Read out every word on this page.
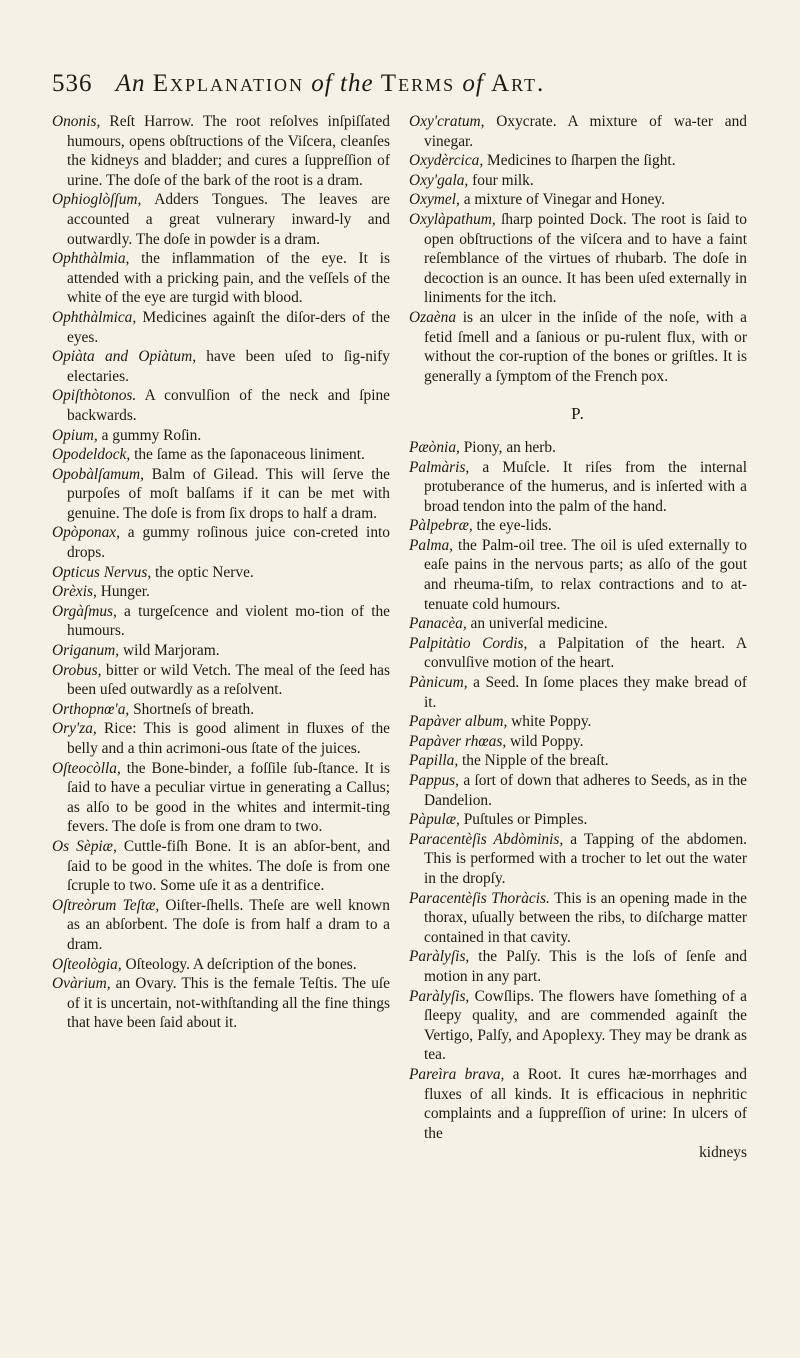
536 An Explanation of the Terms of Art.

Ononis, Reſt Harrow. The root reſolves inſpiſſated humours, opens obſtructions of the Viſcera, cleanſes the kidneys and bladder; and cures a ſuppreſſion of urine. The doſe of the bark of the root is a dram.

Ophioglòſſum, Adders Tongues. The leaves are accounted a great vulnerary inward-ly and outwardly. The doſe in powder is a dram.

Ophthàlmia, the inflammation of the eye. It is attended with a pricking pain, and the veſſels of the white of the eye are turgid with blood.

Ophthàlmica, Medicines againſt the diſor-ders of the eyes.

Opiàta and Opiàtum, have been uſed to ſig-nify electaries.

Opiſthòtonos. A convulſion of the neck and ſpine backwards.

Opium, a gummy Roſin.

Opodeldock, the ſame as the ſaponaceous liniment.

Opobàlſamum, Balm of Gilead. This will ſerve the purpoſes of moſt balſams if it can be met with genuine. The doſe is from ſix drops to half a dram.

Opòponax, a gummy roſinous juice con-creted into drops.

Opticus Nervus, the optic Nerve.

Orèxis, Hunger.

Orgàſmus, a turgeſcence and violent mo-tion of the humours.

Origanum, wild Marjoram.

Orobus, bitter or wild Vetch. The meal of the ſeed has been uſed outwardly as a reſolvent.

Orthopnœ'a, Shortneſs of breath.

Ory'za, Rice: This is good aliment in fluxes of the belly and a thin acrimoni-ous ſtate of the juices.

Oſteocòlla, the Bone-binder, a foſſile ſub-ſtance. It is ſaid to have a peculiar virtue in generating a Callus; as alſo to be good in the whites and intermit-ting fevers. The doſe is from one dram to two.

Os Sèpiæ, Cuttle-fiſh Bone. It is an abſor-bent, and ſaid to be good in the whites. The doſe is from one ſcruple to two. Some uſe it as a dentrifice.

Oſtreòrum Teſtæ, Oiſter-ſhells. Theſe are well known as an abſorbent. The doſe is from half a dram to a dram.

Oſteològia, Oſteology. A deſcription of the bones.

Ovàrium, an Ovary. This is the female Teſtis. The uſe of it is uncertain, not-withſtanding all the fine things that have been ſaid about it.

Oxy'cratum, Oxycrate. A mixture of wa-ter and vinegar.

Oxydèrcica, Medicines to ſharpen the ſight.

Oxy'gala, four milk.

Oxymel, a mixture of Vinegar and Honey.

Oxylàpathum, ſharp pointed Dock. The root is ſaid to open obſtructions of the viſcera and to have a faint reſemblance of the virtues of rhubarb. The doſe in decoction is an ounce. It has been uſed externally in liniments for the itch.

Ozaèna is an ulcer in the inſide of the noſe, with a fetid ſmell and a ſanious or pu-rulent flux, with or without the cor-ruption of the bones or griſtles. It is generally a ſymptom of the French pox.

P.

Pæònia, Piony, an herb.

Palmàris, a Muſcle. It riſes from the internal protuberance of the humerus, and is inſerted with a broad tendon into the palm of the hand.

Pàlpebræ, the eye-lids.

Palma, the Palm-oil tree. The oil is uſed externally to eaſe pains in the nervous parts; as alſo of the gout and rheuma-tiſm, to relax contractions and to at-tenuate cold humours.

Panacèa, an univerſal medicine.

Palpitàtio Cordis, a Palpitation of the heart. A convulſive motion of the heart.

Pànicum, a Seed. In ſome places they make bread of it.

Papàver album, white Poppy.

Papàver rhœas, wild Poppy.

Papilla, the Nipple of the breaſt.

Pappus, a ſort of down that adheres to Seeds, as in the Dandelion.

Pàpulæ, Puſtules or Pimples.

Paracentèſis Abdòminis, a Tapping of the abdomen. This is performed with a trocher to let out the water in the dropſy.

Paracentèſis Thoràcis. This is an opening made in the thorax, uſually between the ribs, to diſcharge matter contained in that cavity.

Paràlyſis, the Palſy. This is the loſs of ſenſe and motion in any part.

Paràlyſis, Cowſlips. The flowers have ſomething of a ſleepy quality, and are commended againſt the Vertigo, Palſy, and Apoplexy. They may be drank as tea.

Pareìra brava, a Root. It cures hæ-morrhages and fluxes of all kinds. It is efficacious in nephritic complaints and a ſuppreſſion of urine: In ulcers of the

kidneys
